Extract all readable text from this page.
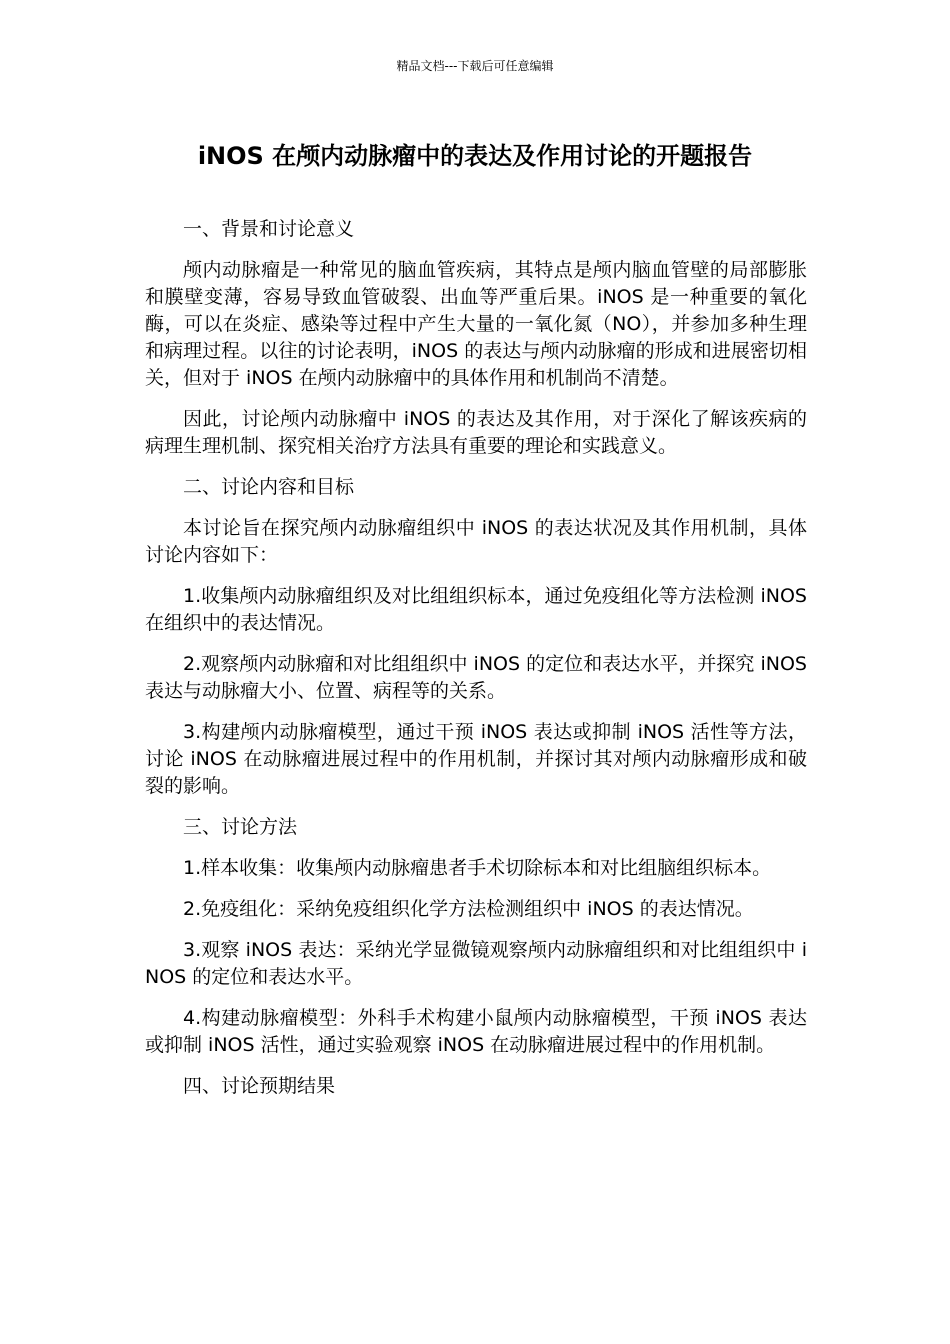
精品文档---下载后可任意编辑
iNOS 在颅内动脉瘤中的表达及作用讨论的开题报告

一、背景和讨论意义

颅内动脉瘤是一种常见的脑血管疾病，其特点是颅内脑血管壁的局部膨胀和膜壁变薄，容易导致血管破裂、出血等严重后果。iNOS 是一种重要的氧化酶，可以在炎症、感染等过程中产生大量的一氧化氮（NO），并参加多种生理和病理过程。以往的讨论表明，iNOS 的表达与颅内动脉瘤的形成和进展密切相关，但对于 iNOS 在颅内动脉瘤中的具体作用和机制尚不清楚。

因此，讨论颅内动脉瘤中 iNOS 的表达及其作用，对于深化了解该疾病的病理生理机制、探究相关治疗方法具有重要的理论和实践意义。

二、讨论内容和目标

本讨论旨在探究颅内动脉瘤组织中 iNOS 的表达状况及其作用机制，具体讨论内容如下：

1.收集颅内动脉瘤组织及对比组组织标本，通过免疫组化等方法检测 iNOS 在组织中的表达情况。

2.观察颅内动脉瘤和对比组组织中 iNOS 的定位和表达水平，并探究 iNOS 表达与动脉瘤大小、位置、病程等的关系。

3.构建颅内动脉瘤模型，通过干预 iNOS 表达或抑制 iNOS 活性等方法，讨论 iNOS 在动脉瘤进展过程中的作用机制，并探讨其对颅内动脉瘤形成和破裂的影响。

三、讨论方法

1.样本收集：收集颅内动脉瘤患者手术切除标本和对比组脑组织标本。

2.免疫组化：采纳免疫组织化学方法检测组织中 iNOS 的表达情况。

3.观察 iNOS 表达：采纳光学显微镜观察颅内动脉瘤组织和对比组组织中 iNOS 的定位和表达水平。

4.构建动脉瘤模型：外科手术构建小鼠颅内动脉瘤模型，干预 iNOS 表达或抑制 iNOS 活性，通过实验观察 iNOS 在动脉瘤进展过程中的作用机制。

四、讨论预期结果
